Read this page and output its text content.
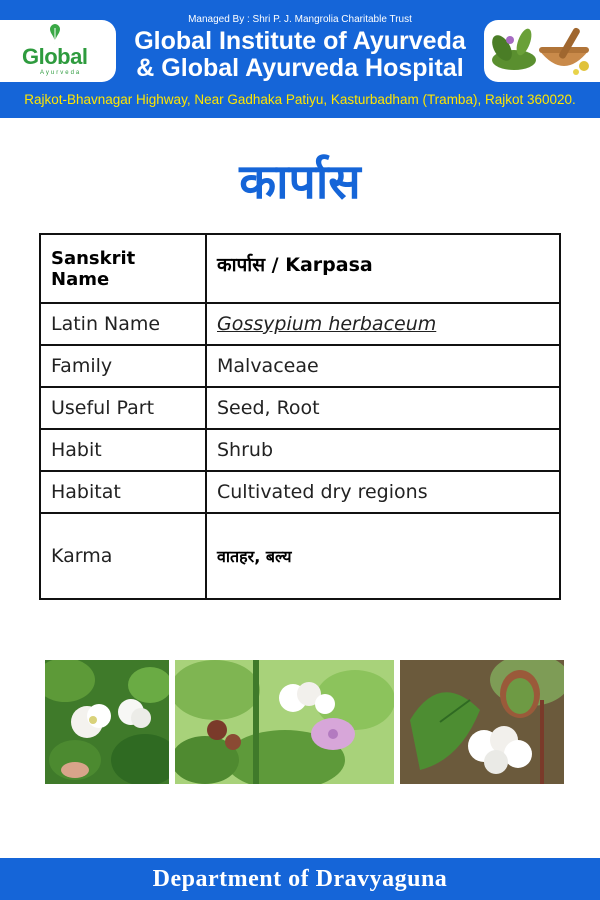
Managed By : Shri P. J. Mangrolia Charitable Trust
Global
Ayurveda
Global Institute of Ayurveda
& Global Ayurveda Hospital
Rajkot-Bhavnagar Highway, Near Gadhaka Patiyu, Kasturbadham (Tramba), Rajkot 360020.
कार्पास
Sanskrit Name	कार्पास / Karpasa
Latin Name	Gossypium herbaceum
Family	Malvaceae
Useful Part	Seed, Root
Habit	Shrub
Habitat	Cultivated dry regions
Karma	वातहर, बल्य
Department of Dravyaguna
